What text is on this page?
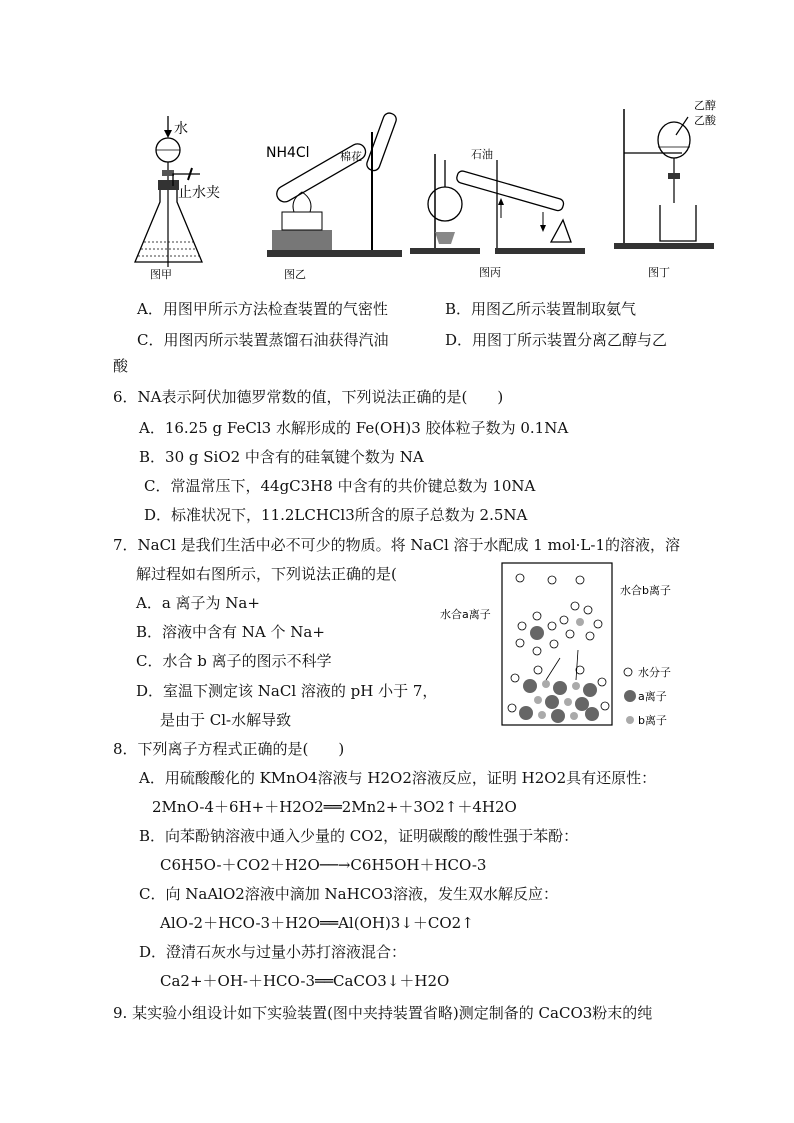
水
止水夹
图甲
NH4Cl	棉花
图乙
石油
图丙
乙醇
乙酸
图丁
A．用图甲所示方法检查装置的气密性	B．用图乙所示装置制取氨气
C．用图丙所示装置蒸馏石油获得汽油	D．用图丁所示装置分离乙醇与乙
酸
6．NA表示阿伏加德罗常数的值，下列说法正确的是(　　)
A．16.25 g FeCl3 水解形成的 Fe(OH)3 胶体粒子数为 0.1NA
B．30 g SiO2 中含有的硅氧键个数为 NA
C．常温常压下，44gC3H8 中含有的共价键总数为 10NA
D．标准状况下，11.2LCHCl3所含的原子总数为 2.5NA
7．NaCl 是我们生活中必不可少的物质。将 NaCl 溶于水配成 1 mol·L-1的溶液，溶
解过程如右图所示，下列说法正确的是(
A．a 离子为 Na+
B．溶液中含有 NA 个 Na+
C．水合 b 离子的图示不科学
D．室温下测定该 NaCl 溶液的 pH 小于 7，
是由于 Cl-水解导致
水合a离子
水合b离子
水分子
a离子
b离子
8．下列离子方程式正确的是(　　)
A．用硫酸酸化的 KMnO4溶液与 H2O2溶液反应，证明 H2O2具有还原性：
2MnO-4＋6H+＋H2O2══2Mn2+＋3O2↑＋4H2O
B．向苯酚钠溶液中通入少量的 CO2，证明碳酸的酸性强于苯酚：
C6H5O-＋CO2＋H2O──→C6H5OH＋HCO-3
C．向 NaAlO2溶液中滴加 NaHCO3溶液，发生双水解反应：
AlO-2＋HCO-3＋H2O══Al(OH)3↓＋CO2↑
D．澄清石灰水与过量小苏打溶液混合：
Ca2+＋OH-＋HCO-3══CaCO3↓＋H2O
9. 某实验小组设计如下实验装置(图中夹持装置省略)测定制备的 CaCO3粉末的纯
